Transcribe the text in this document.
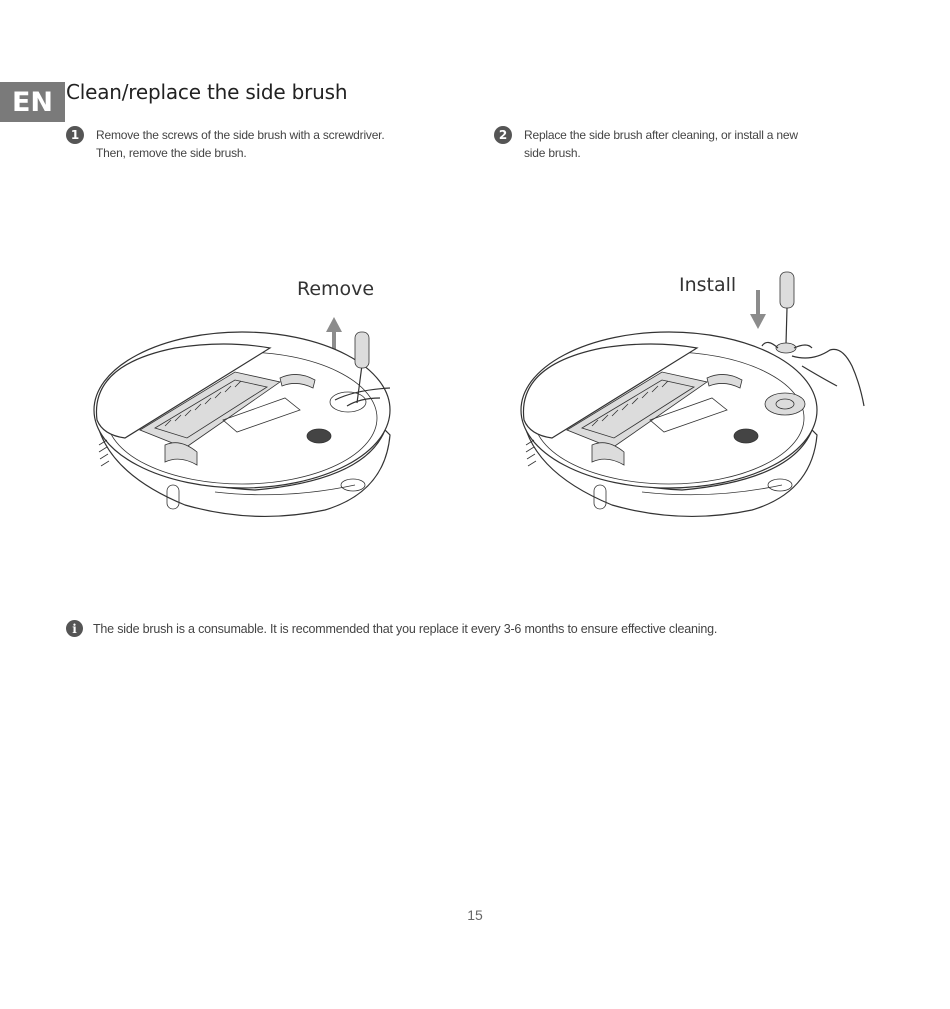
EN Clean/replace the side brush
1	Remove the screws of the side brush with a screwdriver.
Then, remove the side brush.
2	Replace the side brush after cleaning, or install a new
side brush.

Remove	Install

i	The side brush is a consumable. It is recommended that you replace it every 3-6 months to ensure effective cleaning.
15
